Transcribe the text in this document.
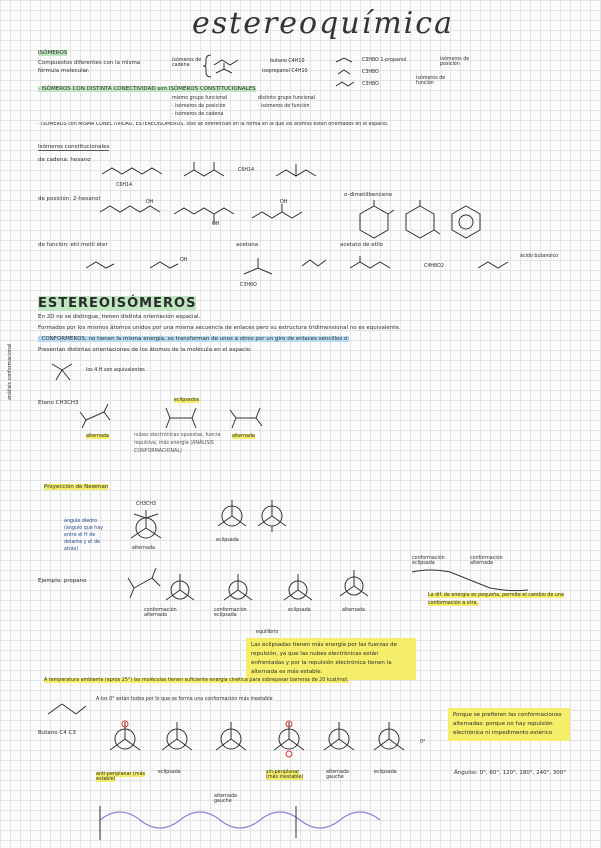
estereoquímica
ISÓMEROS
Compuestos diferentes con la misma fórmula molecular.
isómeros de cadena
butano C4H10
isopropanol C4H10
C3H8O 1-propanol
C3H8O
C3H8O
isómeros de posición
isómeros de función
· ISÓMEROS CON DISTINTA CONECTIVIDAD son ISÓMEROS CONSTITUCIONALES
mismo grupo funcional	distinto grupo funcional
· isómeros de posición	· isómeros de función
· isómeros de cadena
· ISÓMEROS con MISMA CONECTIVIDAD, ESTEREOISÓMEROS, solo se diferencian en la forma en la que los átomos están orientados en el espacio.
Isómeros constitucionales
de cadena: hexano
C6H14
C6H14
de posición: 2-hexanol
OH
OH
OH
o-dimetilbenceno
de función: etil metil éter
OH
acetona
C3H6O
acetato de etilo
C4H8O2
ácido butanoico
ESTEREOISÓMEROS
En 2D no se distingue, tienen distinta orientación espacial.
Formados por los mismos átomos unidos por una misma secuencia de enlaces pero su estructura tridimensional no es equivalente.
· CONFORMEROS: no tienen la misma energía, se transforman de unos a otros por un giro de enlaces sencillos σ.
Presentan distintas orientaciones de los átomos de la molécula en el espacio.
análisis conformacional	los 4 H son equivalentes
Etano CH3CH3	eclipsados
alternada	alternada
nubes electrónicas opuestas, fuerza repulsiva, más energía (ANÁLISIS CONFORMACIONAL)
Proyección de Newman
CH3CH3
ángulo diedro (ángulo que hay entre el H de delante y el de atrás)	alternada
eclipsada
Ejemplo: propano
conformación alternada
conformación eclipsada
eclipsada	alternada
conformación eclipsada
conformación alternada
La dif. de energía es pequeña, permite el cambio de una conformación a otra.
equilibrio
Las eclipsadas tienen más energía por las fuerzas de repulsión, ya que las nubes electrónicas están enfrentadas y por la repulsión electrónica tienen la alternada es más estable.
A temperatura ambiente (aprox 25°) las moléculas tienen suficiente energía cinética para sobrepasar barreras de 20 kcal/mol.
A los 0° están todos por lo que se forma una conformación más inestable
Butano C4 C3
0°
anti-periplanar (más estable)
eclipsada
alternada gauche
sin-periplanar (más inestable)
alternada gauche
eclipsada
Porque se prefieren las conformaciones alternadas: porque no hay repulsión electrónica ni impedimento estérico
Ángulos: 0°, 60°, 120°, 180°, 240°, 300°
